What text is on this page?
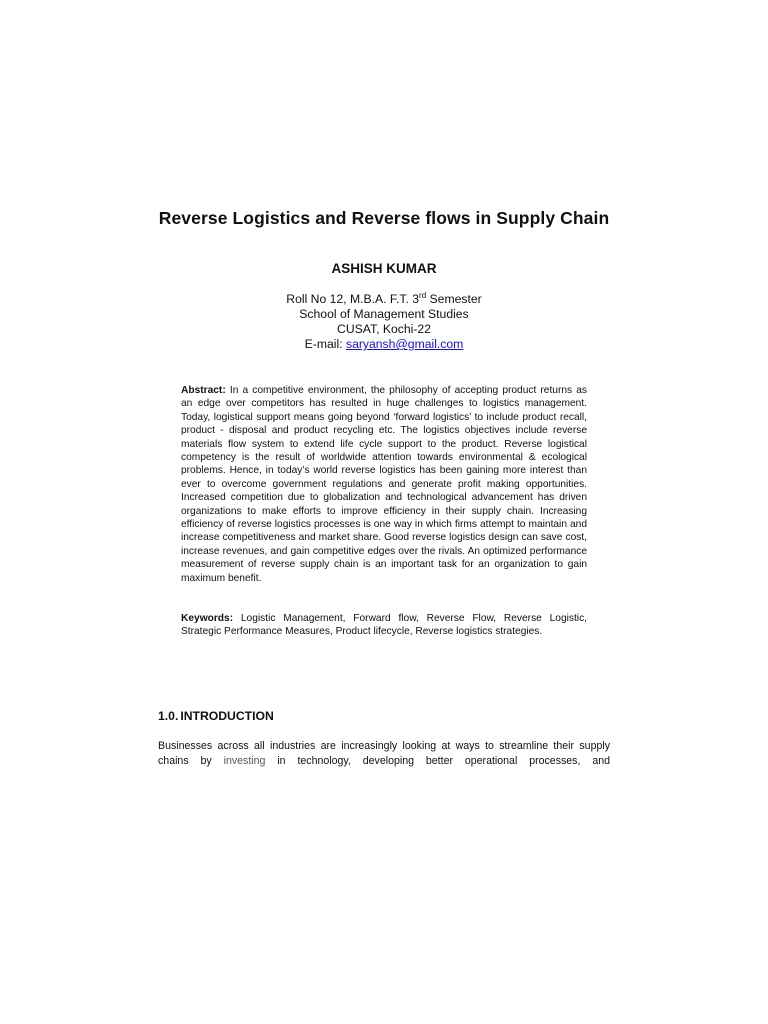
Reverse Logistics and Reverse flows in Supply Chain
ASHISH KUMAR
Roll No 12, M.B.A. F.T. 3rd Semester
School of Management Studies
CUSAT, Kochi-22
E-mail: saryansh@gmail.com
Abstract: In a competitive environment, the philosophy of accepting product returns as an edge over competitors has resulted in huge challenges to logistics management. Today, logistical support means going beyond ‘forward logistics’ to include product recall, product - disposal and product recycling etc. The logistics objectives include reverse materials flow system to extend life cycle support to the product. Reverse logistical competency is the result of worldwide attention towards environmental & ecological problems. Hence, in today’s world reverse logistics has been gaining more interest than ever to overcome government regulations and generate profit making opportunities. Increased competition due to globalization and technological advancement has driven organizations to make efforts to improve efficiency in their supply chain. Increasing efficiency of reverse logistics processes is one way in which firms attempt to maintain and increase competitiveness and market share. Good reverse logistics design can save cost, increase revenues, and gain competitive edges over the rivals. An optimized performance measurement of reverse supply chain is an important task for an organization to gain maximum benefit.
Keywords: Logistic Management, Forward flow, Reverse Flow, Reverse Logistic, Strategic Performance Measures, Product lifecycle, Reverse logistics strategies.
1.0. INTRODUCTION
Businesses across all industries are increasingly looking at ways to streamline their supply chains by investing in technology, developing better operational processes, and
